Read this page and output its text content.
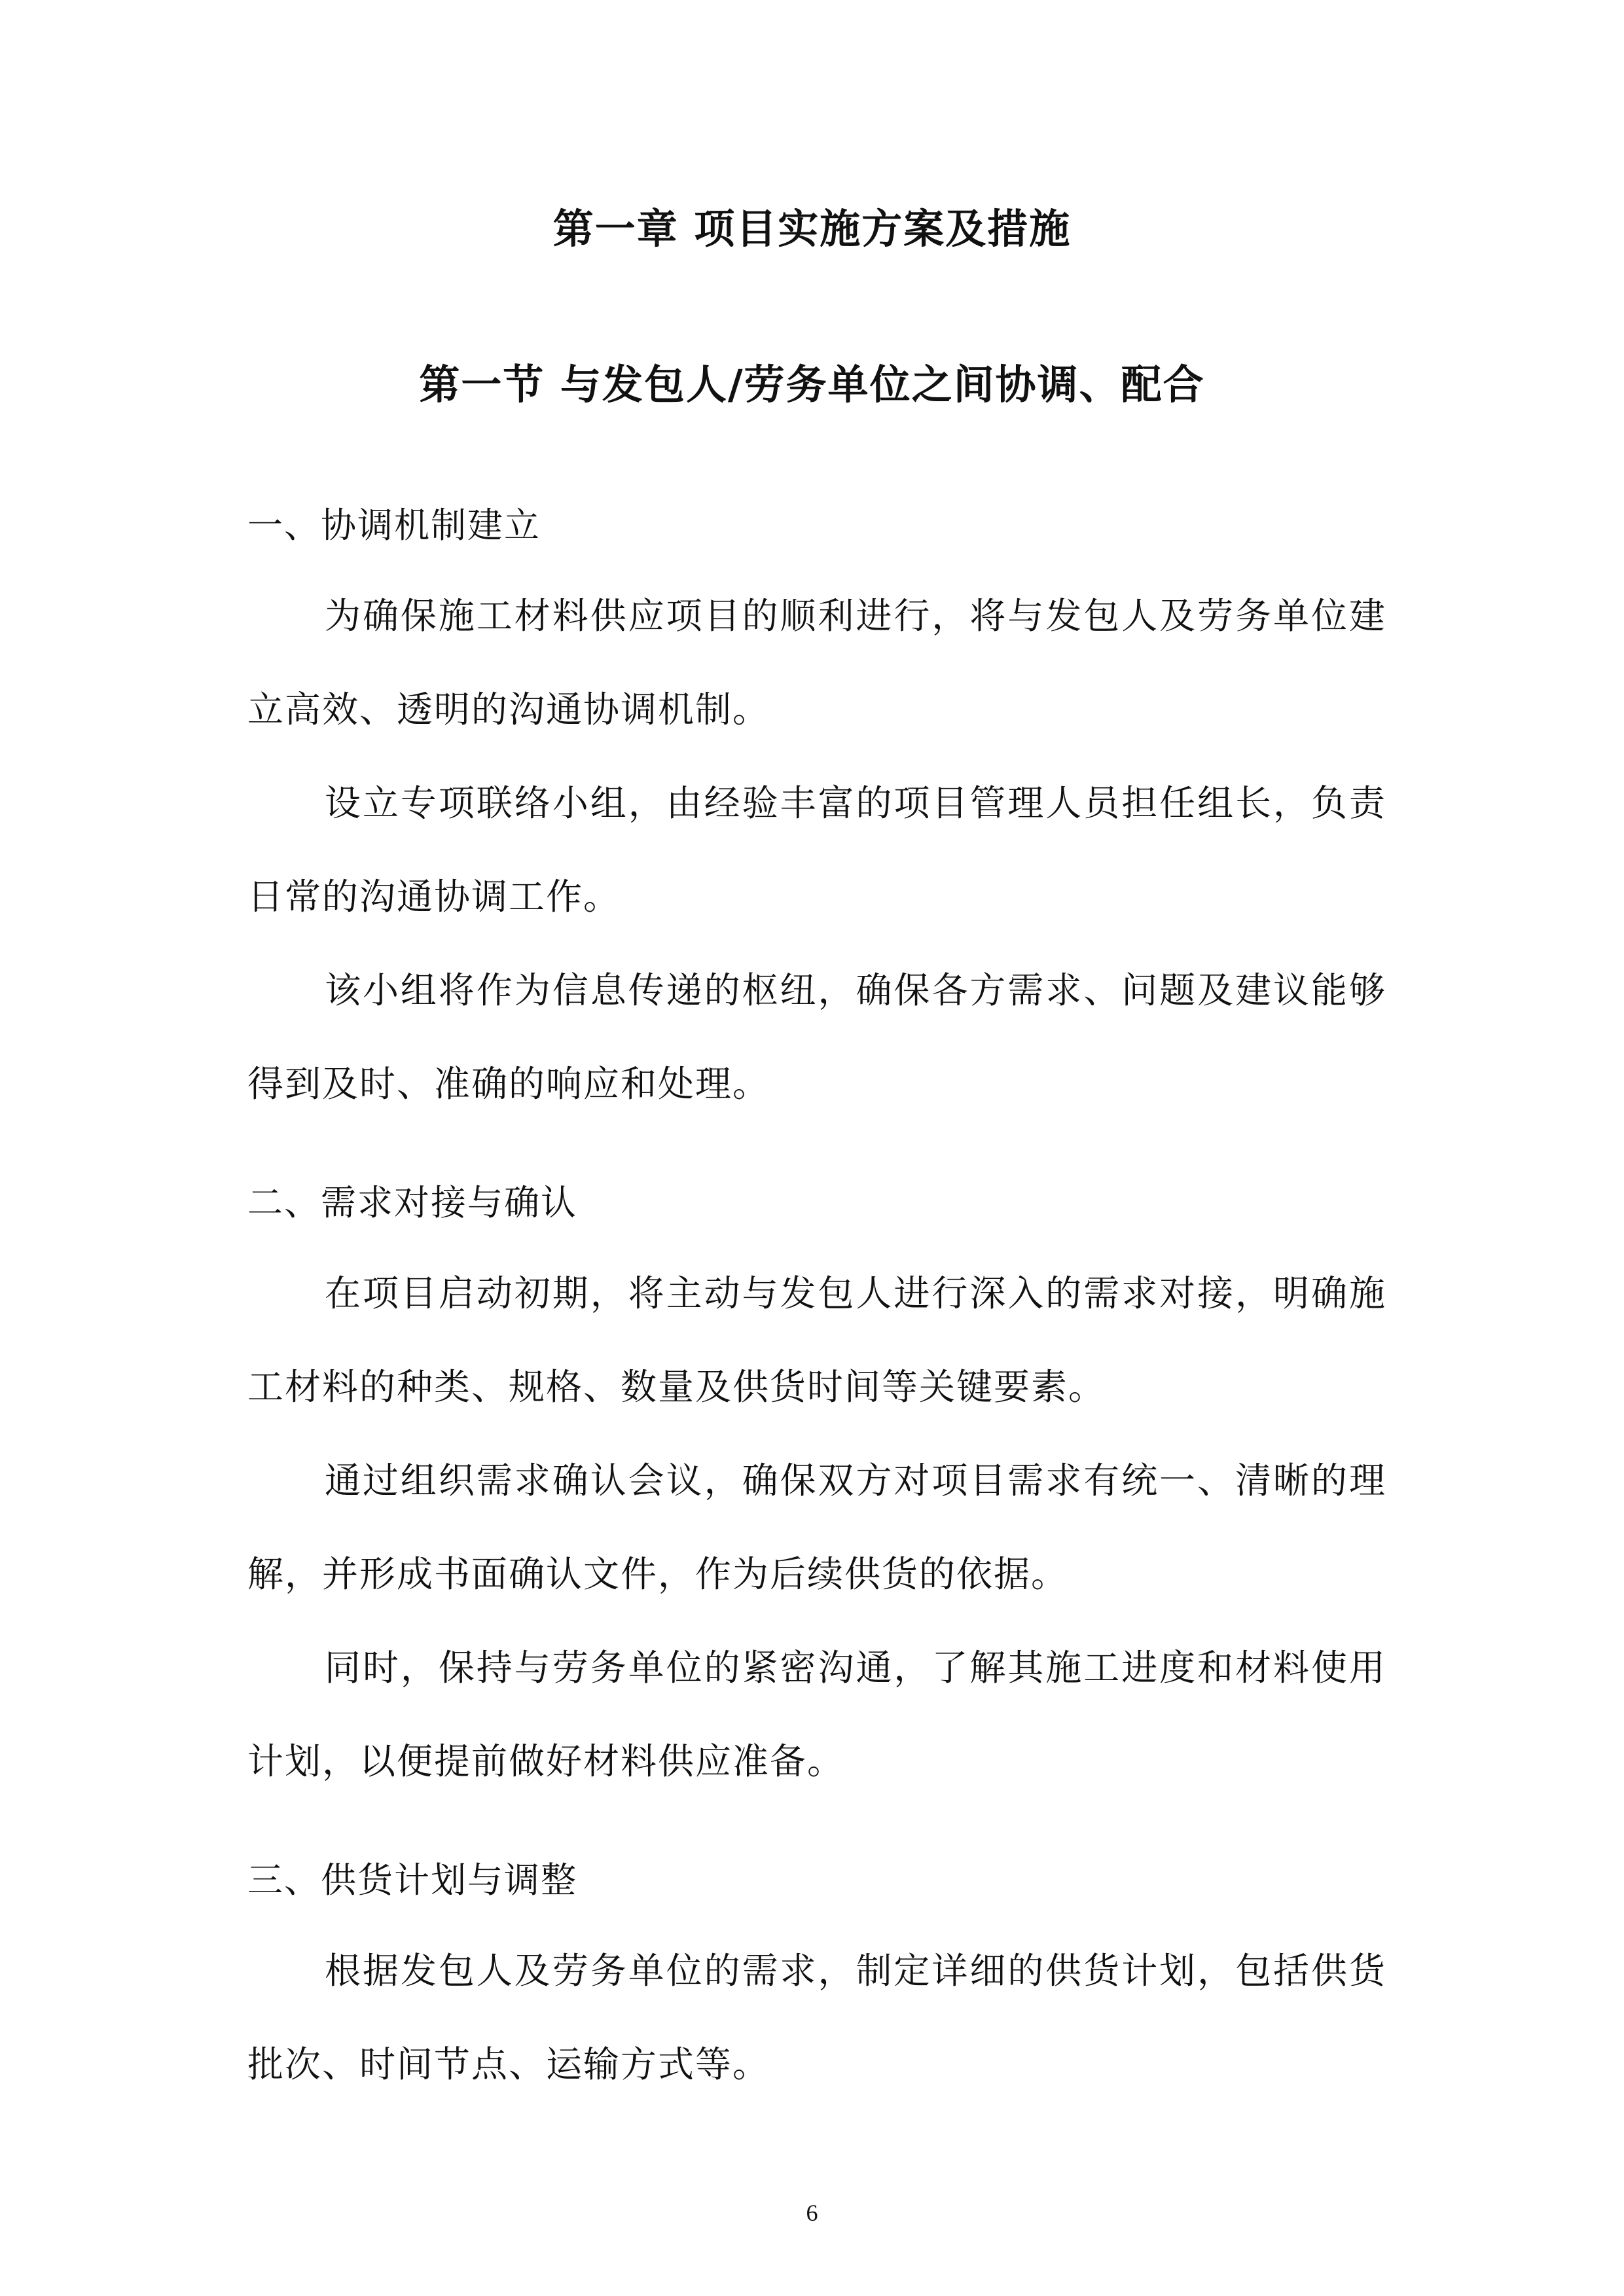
第一章 项目实施方案及措施
第一节 与发包人/劳务单位之间协调、配合
一、协调机制建立

为确保施工材料供应项目的顺利进行，将与发包人及劳务单位建立高效、透明的沟通协调机制。

设立专项联络小组，由经验丰富的项目管理人员担任组长，负责日常的沟通协调工作。

该小组将作为信息传递的枢纽，确保各方需求、问题及建议能够得到及时、准确的响应和处理。

二、需求对接与确认

在项目启动初期，将主动与发包人进行深入的需求对接，明确施工材料的种类、规格、数量及供货时间等关键要素。

通过组织需求确认会议，确保双方对项目需求有统一、清晰的理解，并形成书面确认文件，作为后续供货的依据。

同时，保持与劳务单位的紧密沟通，了解其施工进度和材料使用计划，以便提前做好材料供应准备。

三、供货计划与调整

根据发包人及劳务单位的需求，制定详细的供货计划，包括供货批次、时间节点、运输方式等。

6
